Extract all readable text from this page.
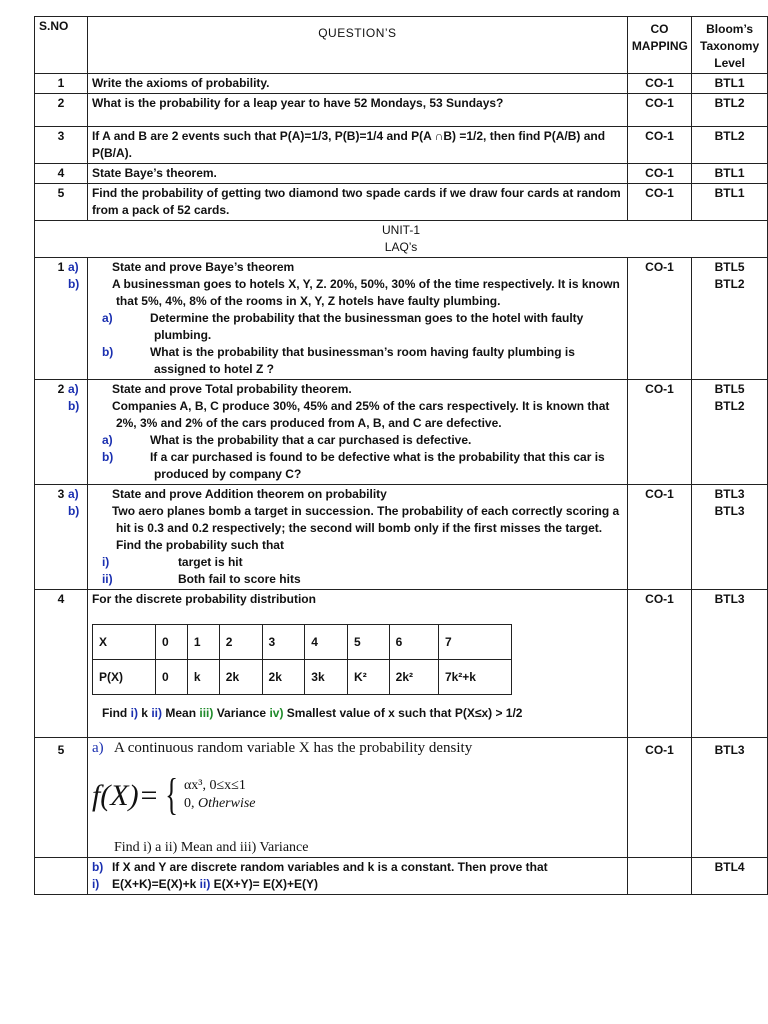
S.NO	QUESTION’S	CO
MAPPING

Bloom’s
Taxonomy
Level

1	Write the axioms of probability.	CO-1	BTL1
2	What is the probability for a leap year to have 52 Mondays, 53 Sundays?	CO-1	BTL2
3	If A and B are 2 events such that P(A)=1/3, P(B)=1/4 and P(A ∩B) =1/2, then find P(A/B) and P(B/A).	CO-1	BTL2
4	State Baye’s theorem.	CO-1	BTL1
5	Find the probability of getting two diamond two spade cards if we draw four cards at random from a pack of 52 cards.	CO-1	BTL1

UNIT-1
LAQ’s

1	a)	State and prove Baye’s theorem
b)	A businessman goes to hotels X, Y, Z. 20%, 50%, 30% of the time respectively. It is known that 5%, 4%, 8% of the rooms in X, Y, Z hotels have faulty plumbing.
a)	Determine the probability that the businessman goes to the hotel with faulty plumbing.
b)	What is the probability that businessman’s room having faulty plumbing is assigned to hotel Z ?
	CO-1	BTL5
BTL2

2	a)	State and prove Total probability theorem.
b)	Companies A, B, C produce 30%, 45% and 25% of the cars respectively. It is known that 2%, 3% and 2% of the cars produced from A, B, and C are defective.
a)	What is the probability that a car purchased is defective.
b)	If a car purchased is found to be defective what is the probability that this car is produced by company C?
	CO-1	BTL5
BTL2

3	a)	State and prove Addition theorem on probability
b)	Two aero planes bomb a target in succession. The probability of each correctly scoring a hit is 0.3 and 0.2 respectively; the second will bomb only if the first misses the target. Find the probability such that
i)	target is hit
ii)	Both fail to score hits
	CO-1	BTL3
BTL3

4	For the discrete probability distribution
X	0	1	2	3	4	5	6	7
P(X)	0	k	2k	2k	3k	K²	2k²	7k²+k
Find i) k ii) Mean iii) Variance iv) Smallest value of x such that P(X≤x) > 1/2
	CO-1	BTL3
5	a) A continuous random variable X has the probability density
f(X)= { αx³, 0≤x≤1
0, Otherwise
Find i) a ii) Mean and iii) Variance
	CO-1	BTL3

b) If X and Y are discrete random variables and k is a constant. Then prove that
i) E(X+K)=E(X)+k ii) E(X+Y)= E(X)+E(Y)
		BTL4
